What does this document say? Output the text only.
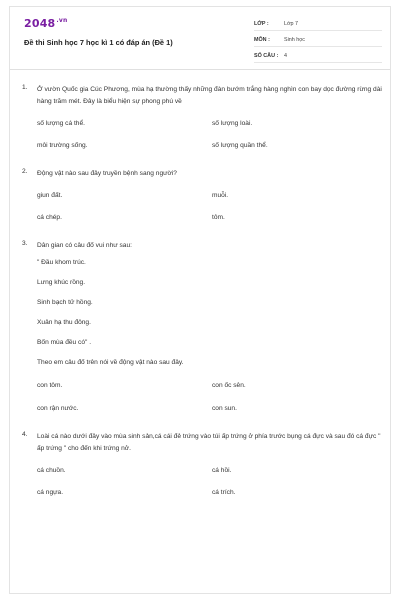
$2048^{.vn}$
Đề thi Sinh học 7 học kì 1 có đáp án (Đề 1)
LỚP :	Lớp 7
MÔN :	Sinh học
SỐ CÂU :	4
1.	Ở vườn Quốc gia Cúc Phương, mùa hạ thường thấy những đàn bướm trắng hàng nghìn con bay dọc đường rừng dài hàng trăm mét. Đây là biểu hiện sự phong phú về
số lượng cá thể.	số lượng loài.
môi trường sống.	số lượng quần thể.
2.	Động vật nào sau đây truyền bệnh sang người?
giun đất.	muỗi.
cá chép.	tôm.
3.	Dân gian có câu đố vui như sau:
" Đầu khom trúc.
Lưng khúc rồng.
Sinh bạch tử hồng.
Xuân hạ thu đông.
Bốn mùa đều có" .
Theo em câu đố trên nói về động vật nào sau đây.
con tôm.	con ốc sên.
con rận nước.	con sun.
4.	Loài cá nào dưới đây vào mùa sinh sản,cá cái đẻ trứng vào túi ấp trứng ở phía trước bụng cá đực và sau đó cá đực " ấp trứng " cho đến khi trứng nở.
cá chuồn.	cá hồi.
cá ngựa.	cá trích.
